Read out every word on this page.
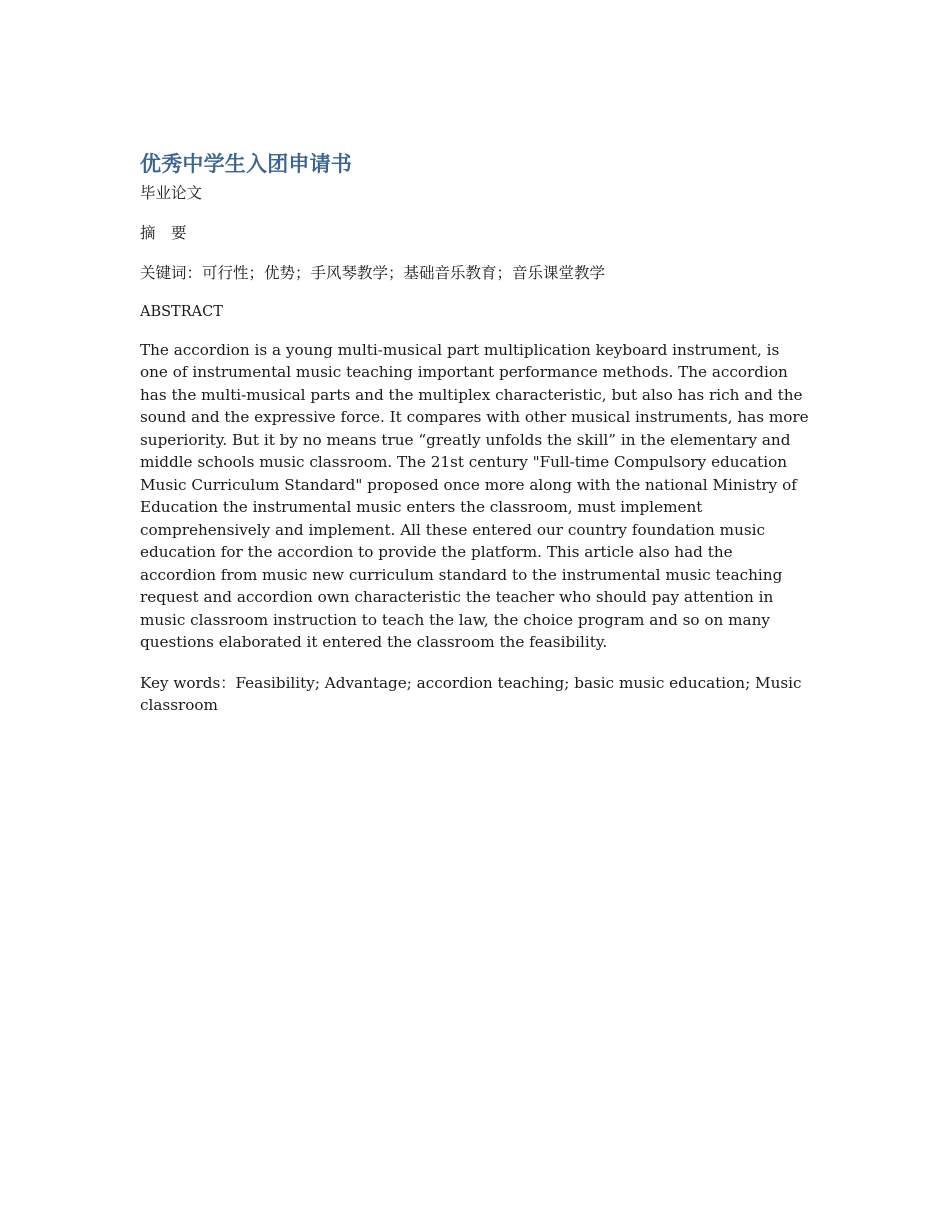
优秀中学生入团申请书

毕业论文

摘　要

关键词：可行性；优势；手风琴教学；基础音乐教育；音乐课堂教学

ABSTRACT

The accordion is a young multi-musical part multiplication keyboard instrument, is one of instrumental music teaching important performance methods. The accordion has the multi-musical parts and the multiplex characteristic, but also has rich and the sound and the expressive force. It compares with other musical instruments, has more superiority. But it by no means true “greatly unfolds the skill” in the elementary and middle schools music classroom. The 21st century "Full-time Compulsory education Music Curriculum Standard" proposed once more along with the national Ministry of Education the instrumental music enters the classroom, must implement comprehensively and implement. All these entered our country foundation music education for the accordion to provide the platform. This article also had the accordion from music new curriculum standard to the instrumental music teaching request and accordion own characteristic the teacher who should pay attention in music classroom instruction to teach the law, the choice program and so on many questions elaborated it entered the classroom the feasibility.

Key words：Feasibility; Advantage; accordion teaching; basic music education; Music classroom
